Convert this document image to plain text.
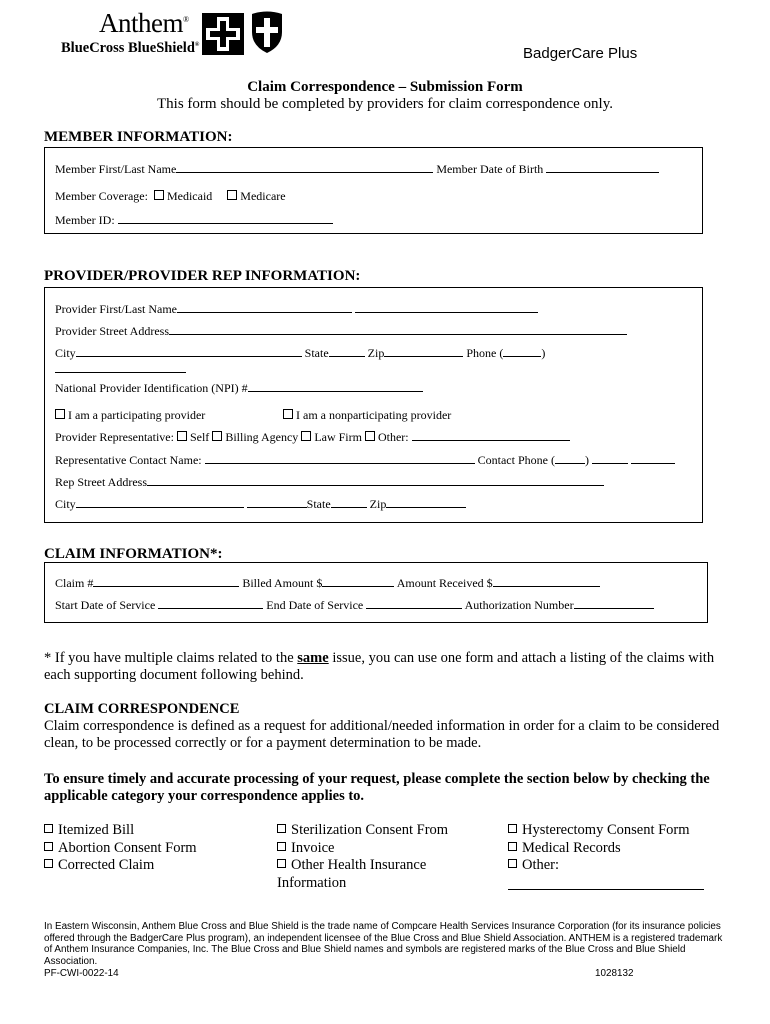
Anthem®
BlueCross BlueShield®	BadgerCare Plus
Claim Correspondence – Submission Form
This form should be completed by providers for claim correspondence only.
MEMBER INFORMATION:
Member First/Last Name	Member Date of Birth
Member Coverage: Medicaid Medicare
Member ID:
PROVIDER/PROVIDER REP INFORMATION:
Provider First/Last Name
Provider Street Address
City	State	Zip	Phone (	)
National Provider Identification (NPI) #
I am a participating provider	I am a nonparticipating provider
Provider Representative: Self Billing Agency Law Firm Other:
Representative Contact Name:	Contact Phone (	)
Rep Street Address
City	State	Zip
CLAIM INFORMATION*:
Claim #	Billed Amount $	Amount Received $
Start Date of Service	End Date of Service	Authorization Number
* If you have multiple claims related to the same issue, you can use one form and attach a listing of the claims with each supporting document following behind.
CLAIM CORRESPONDENCE
Claim correspondence is defined as a request for additional/needed information in order for a claim to be considered clean, to be processed correctly or for a payment determination to be made.
To ensure timely and accurate processing of your request, please complete the section below by checking the applicable category your correspondence applies to.
Itemized Bill
Abortion Consent Form
Corrected Claim
Sterilization Consent From
Invoice
Other Health Insurance Information
Hysterectomy Consent Form
Medical Records
Other:
In Eastern Wisconsin, Anthem Blue Cross and Blue Shield is the trade name of Compcare Health Services Insurance Corporation (for its insurance policies offered through the BadgerCare Plus program), an independent licensee of the Blue Cross and Blue Shield Association. ANTHEM is a registered trademark of Anthem Insurance Companies, Inc. The Blue Cross and Blue Shield names and symbols are registered marks of the Blue Cross and Blue Shield Association.
PF-CWI-0022-14	1028132
